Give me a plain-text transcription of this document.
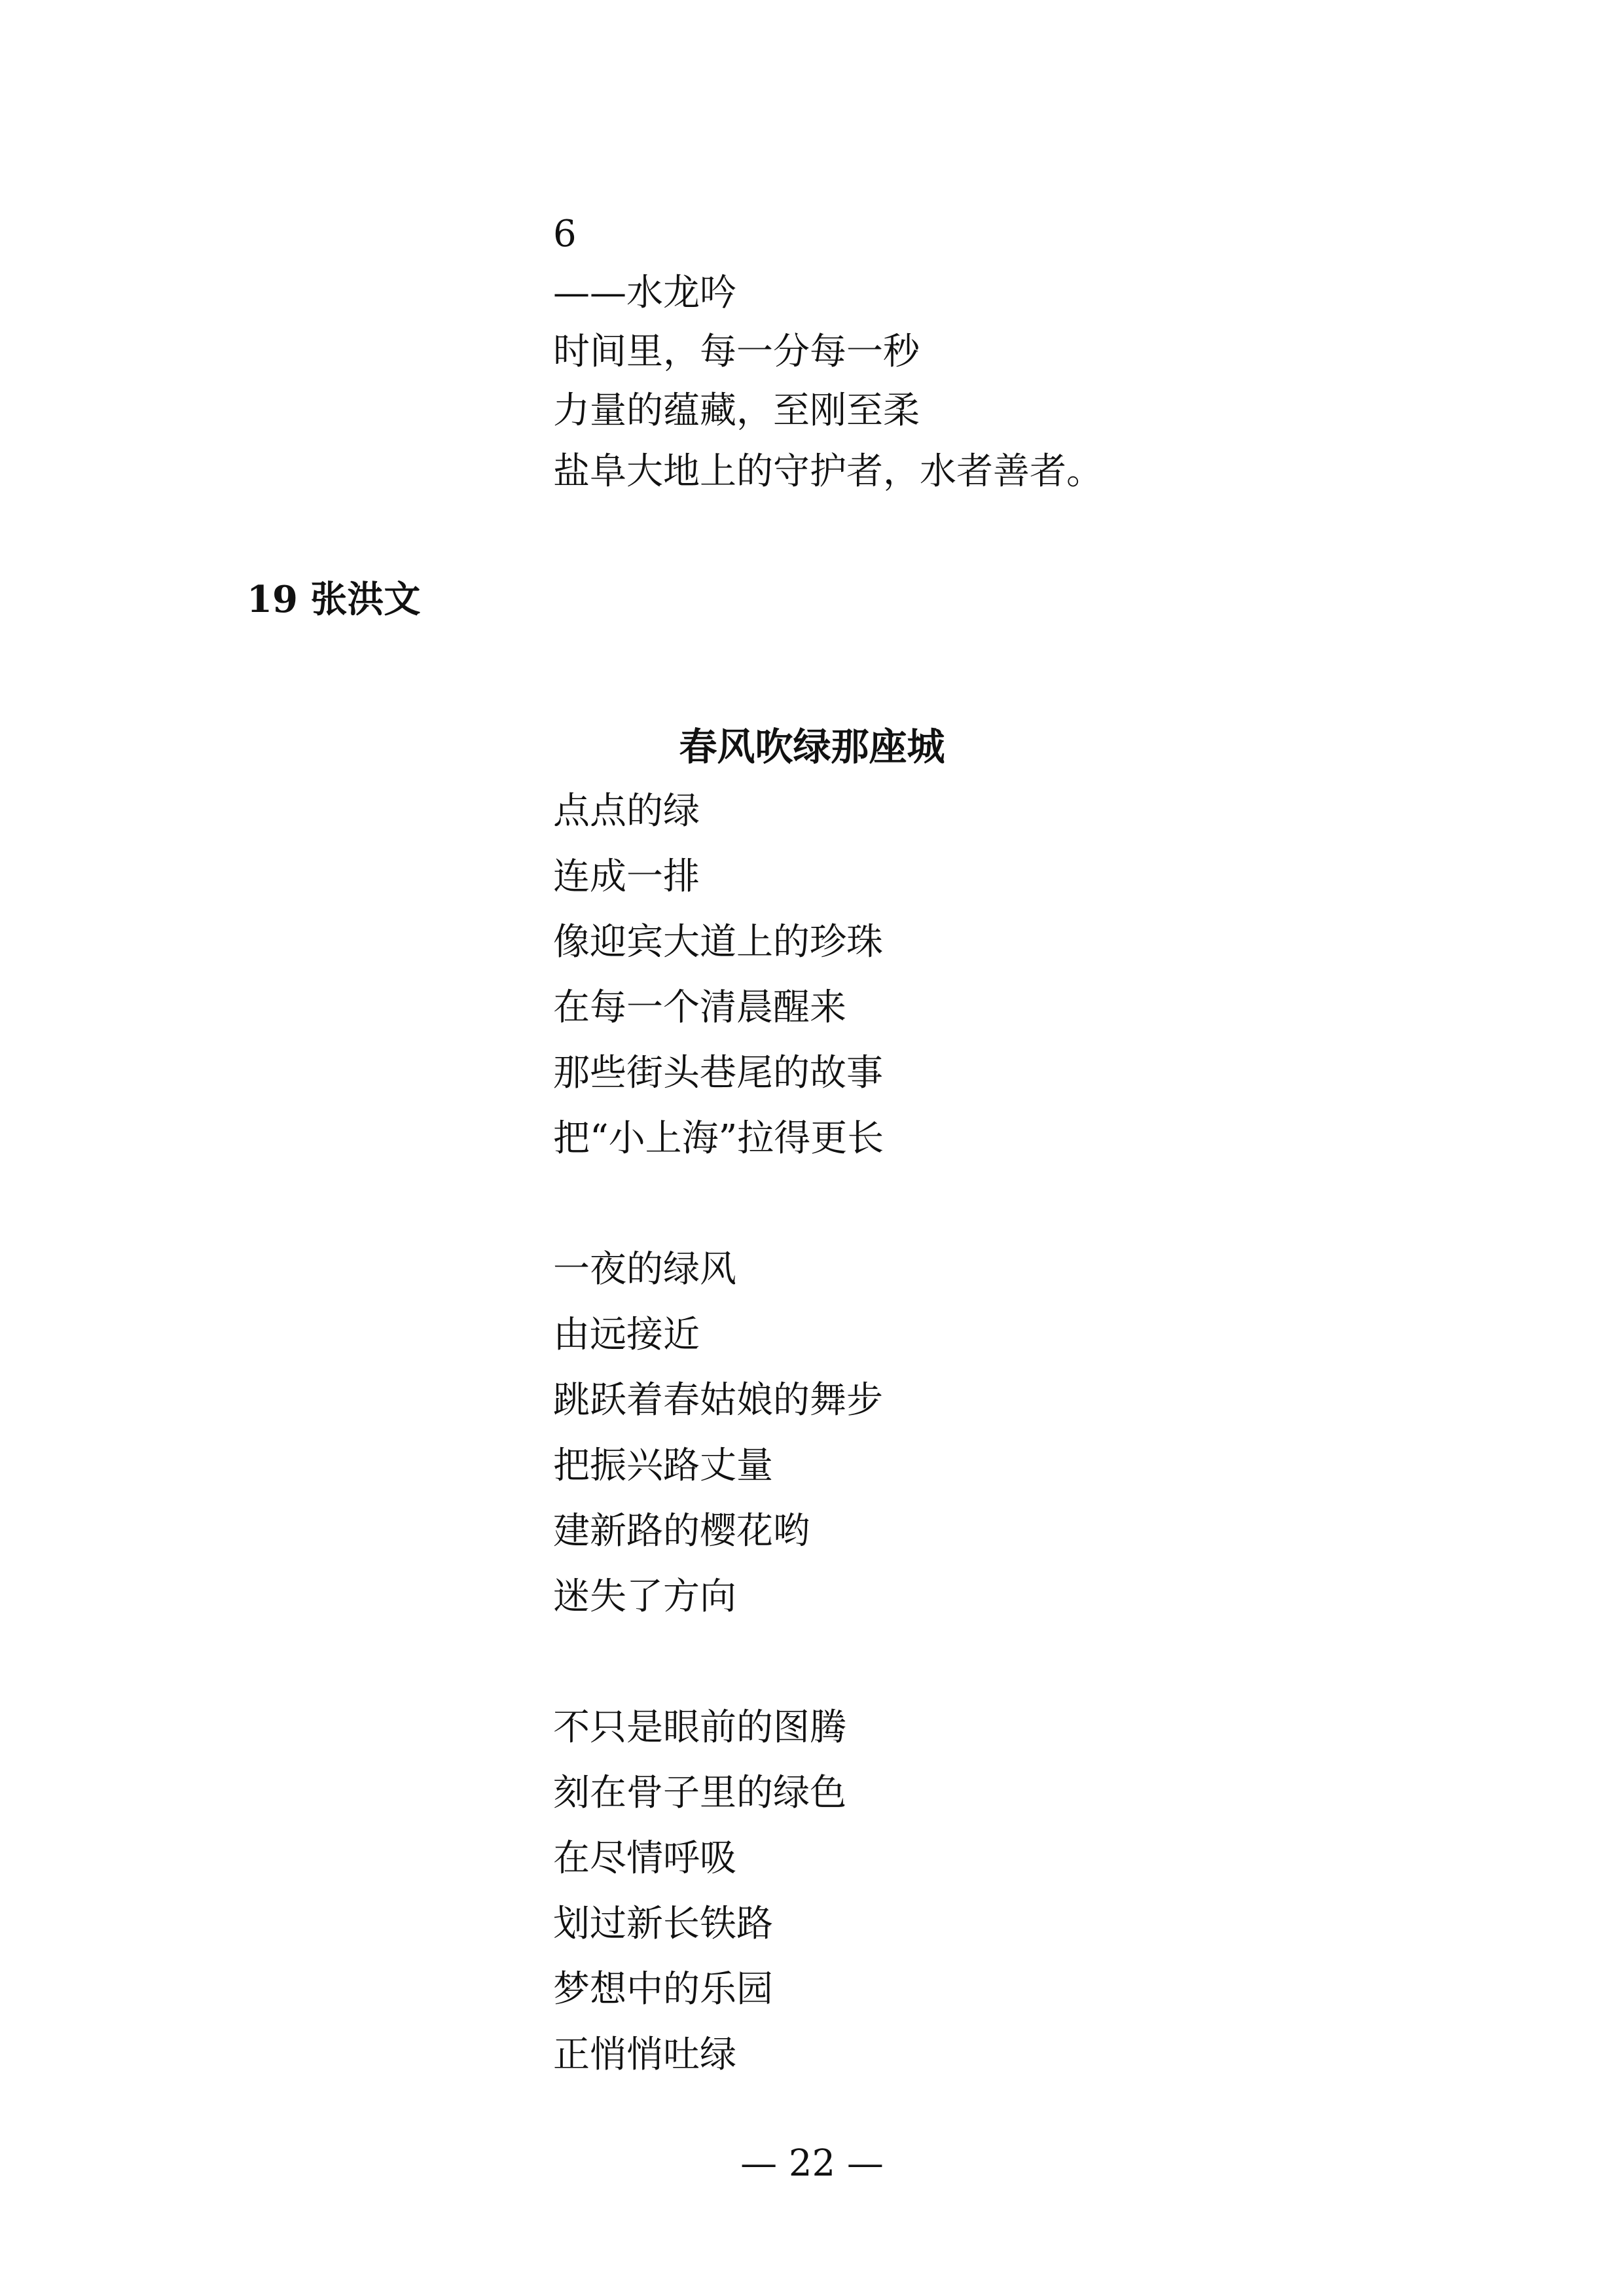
6
——水龙吟
时间里，每一分每一秒
力量的蕴藏，至刚至柔
盐阜大地上的守护者，水者善者。
19 张洪文
春风吹绿那座城
点点的绿
连成一排
像迎宾大道上的珍珠
在每一个清晨醒来
那些街头巷尾的故事
把“小上海”拉得更长
一夜的绿风
由远接近
跳跃着春姑娘的舞步
把振兴路丈量
建新路的樱花哟
迷失了方向
不只是眼前的图腾
刻在骨子里的绿色
在尽情呼吸
划过新长铁路
梦想中的乐园
正悄悄吐绿
— 22 —
